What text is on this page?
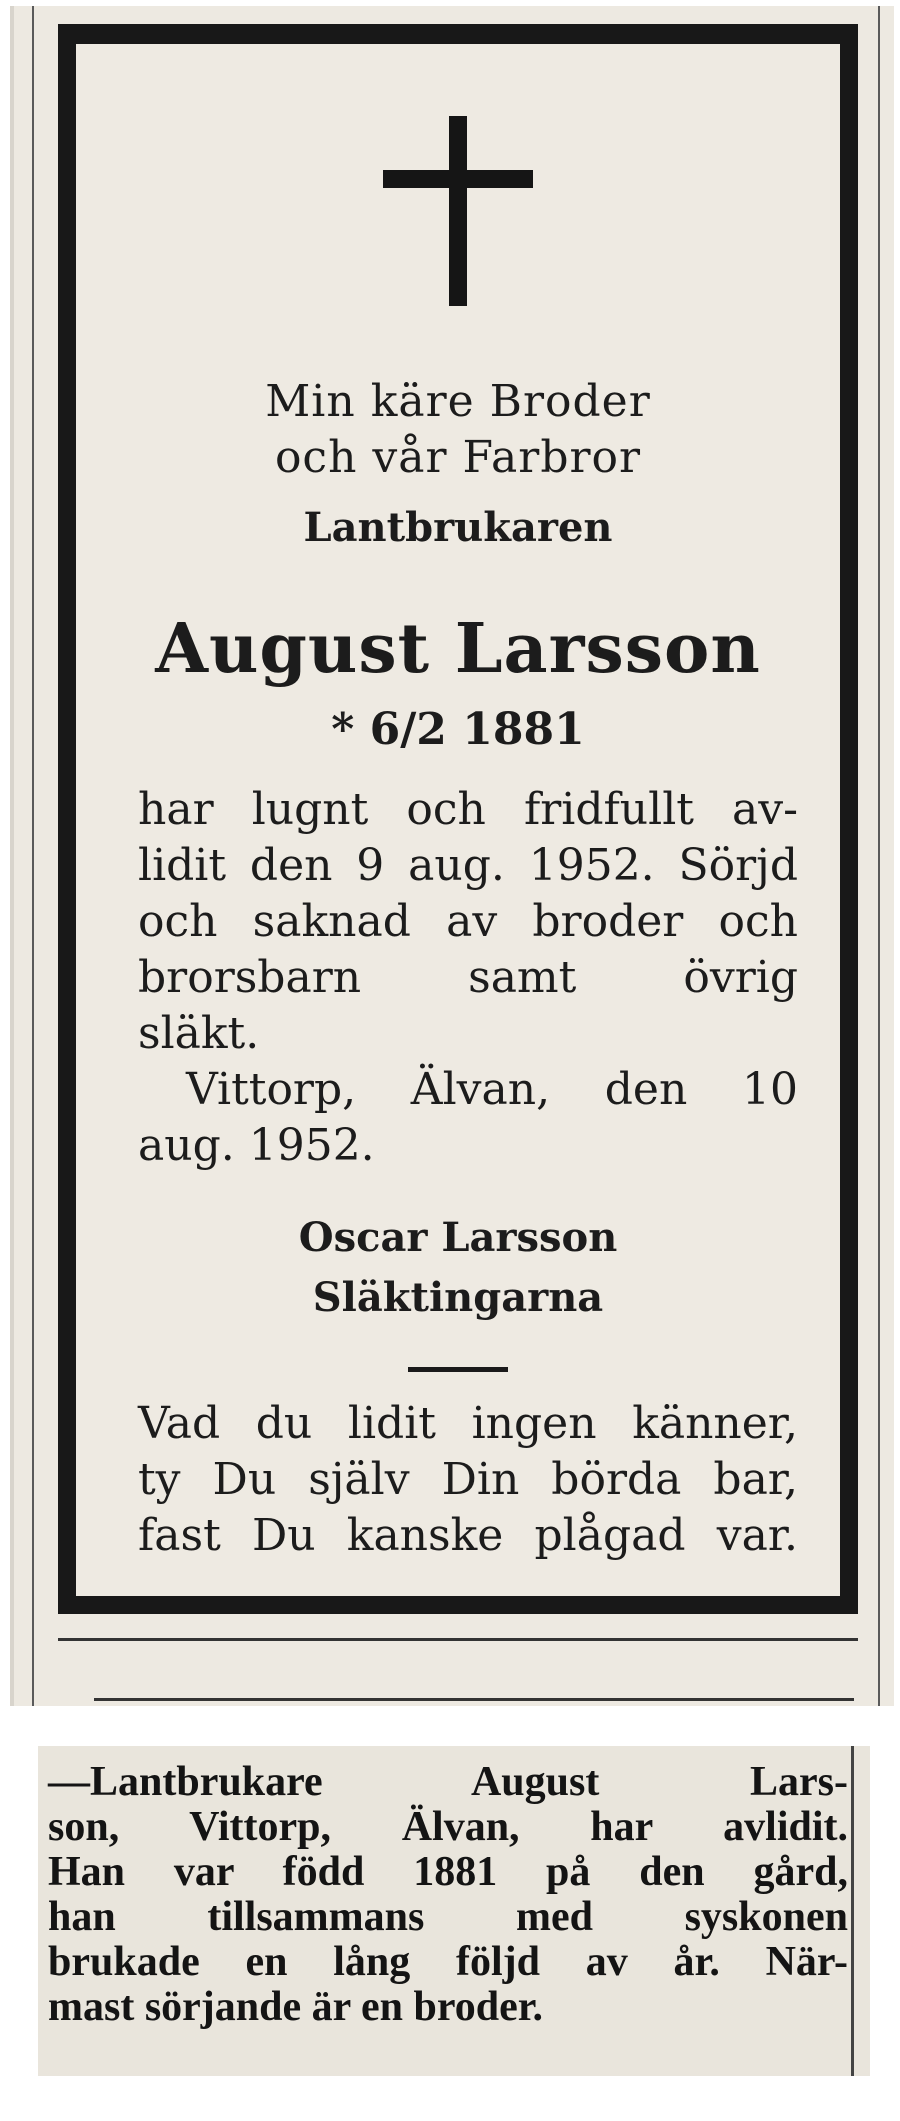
Min käre Broder
och vår Farbror
Lantbrukaren
August Larsson
* 6/2 1881
har lugnt och fridfullt av-
lidit den 9 aug. 1952. Sörjd
och saknad av broder och
brorsbarn samt övrig
släkt.
Vittorp, Älvan, den 10
aug. 1952.
Oscar Larsson
Släktingarna
Vad du lidit ingen känner,
ty Du själv Din börda bar,
fast Du kanske plågad var.
—Lantbrukare August Lars-
son, Vittorp, Älvan, har avlidit.
Han var född 1881 på den gård,
han tillsammans med syskonen
brukade en lång följd av år. När-
mast sörjande är en broder.
